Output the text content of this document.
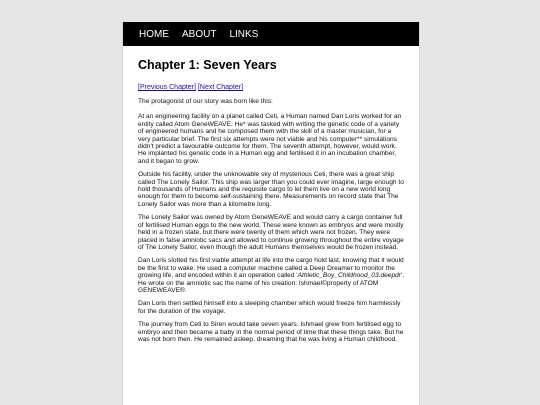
HOME ABOUT LINKS
Chapter 1: Seven Years
[Previous Chapter] [Next Chapter]

The protagonist of our story was born like this:

At an engineering facility on a planet called Ceti, a Human named Dan Loris worked for an entity called Atom GeneWEAVE. He* was tasked with writing the genetic code of a variety of engineered humans and he composed them with the skill of a master musician, for a very particular brief. The first six attempts were not viable and his computer** simulations didn't predict a favourable outcome for them. The seventh attempt, however, would work. He implanted his genetic code in a Human egg and fertilised it in an incubation chamber, and it began to grow.

Outside his facility, under the unknowable sky of mysterious Ceti, there was a great ship called The Lonely Sailor. This ship was larger than you could ever imagine, large enough to hold thousands of Humans and the requisite cargo to let them live on a new world long enough for them to become self-sustaining there. Measurements on record state that The Lonely Sailor was more than a kilometre long.

The Lonely Sailor was owned by Atom GeneWEAVE and would carry a cargo container full of fertilised Human eggs to the new world. These were known as embryos and were mostly held in a frozen state, but there were twenty of them which were not frozen. They were placed in false amniotic sacs and allowed to continue growing throughout the entire voyage of The Lonely Sailor, even though the adult Humans themselves would be frozen instead.

Dan Loris slotted his first viable attempt at life into the cargo hold last, knowing that it would be the first to wake. He used a computer machine called a Deep Dreamer to monitor the growing life, and encoded within it an operation called 'Athletic_Boy_Childhood_03.deepdr'. He wrote on the amniotic sac the name of his creation: Ishmael©property of ATOM GENEWEAVE®.

Dan Loris then settled himself into a sleeping chamber which would freeze him harmlessly for the duration of the voyage.

The journey from Ceti to Siren would take seven years. Ishmael grew from fertilised egg to embryo and then became a baby in the normal period of time that these things take. But he was not born then. He remained asleep, dreaming that he was living a Human childhood.
